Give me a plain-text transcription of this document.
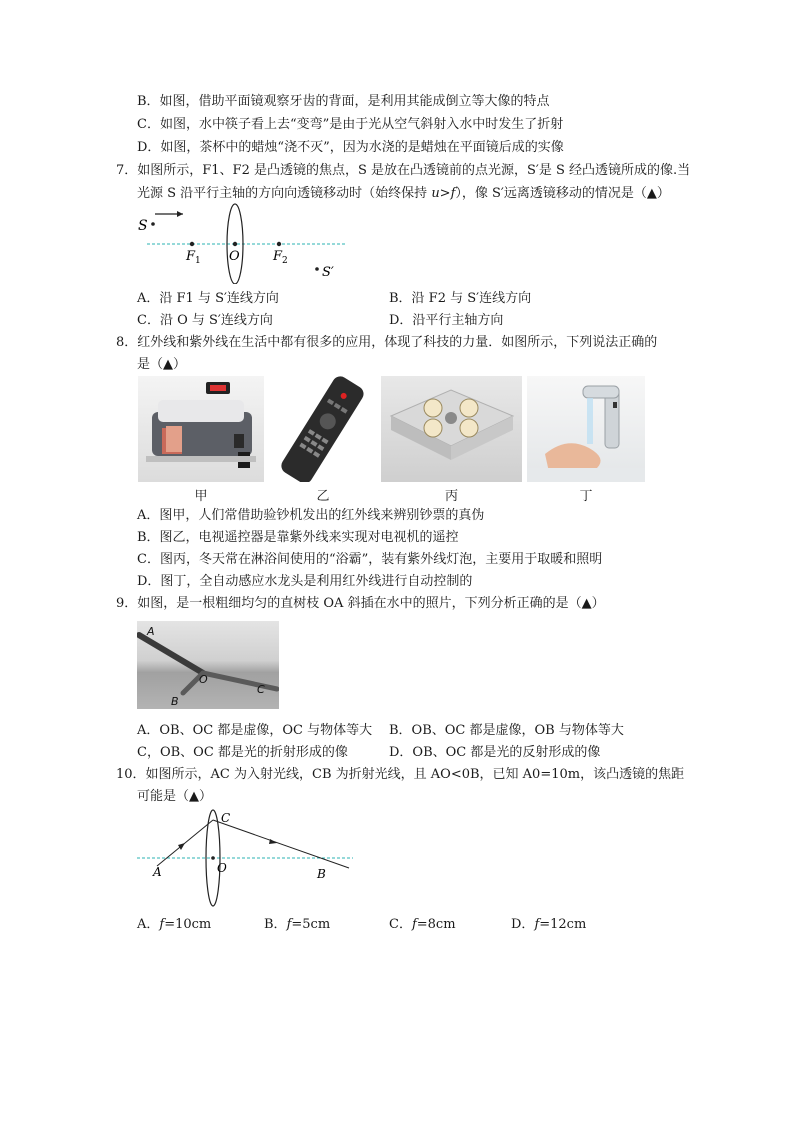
B．如图，借助平面镜观察牙齿的背面，是利用其能成倒立等大像的特点
C．如图，水中筷子看上去“变弯”是由于光从空气斜射入水中时发生了折射
D．如图，茶杯中的蜡烛“浇不灭”，因为水浇的是蜡烛在平面镜后成的实像
7．如图所示，F1、F2 是凸透镜的焦点，S 是放在凸透镜前的点光源，S′是 S 经凸透镜所成的像.当
光源 S 沿平行主轴的方向向透镜移动时（始终保持 u>f），像 S′远离透镜移动的情况是（▲）
S
$F_1$ O	$F_2$
S′
A．沿 F1 与 S′连线方向	B．沿 F2 与 S′连线方向
C．沿 O 与 S′连线方向	D．沿平行主轴方向
8．红外线和紫外线在生活中都有很多的应用，体现了科技的力量．如图所示，下列说法正确的
是（▲）
甲	乙	丙	丁
A．图甲，人们常借助验钞机发出的红外线来辨别钞票的真伪
B．图乙，电视遥控器是靠紫外线来实现对电视机的遥控
C．图丙，冬天常在淋浴间使用的“浴霸”，装有紫外线灯泡，主要用于取暖和照明
D．图丁，全自动感应水龙头是利用红外线进行自动控制的
9．如图，是一根粗细均匀的直树枝 OA 斜插在水中的照片，下列分析正确的是（▲）
A
O
B
C
A．OB、OC 都是虚像，OC 与物体等大 B．OB、OC 都是虚像，OB 与物体等大
C，OB、OC 都是光的折射形成的像	D．OB、OC 都是光的反射形成的像
10．如图所示，AC 为入射光线，CB 为折射光线，且 AO<0B，已知 A0=10m，该凸透镜的焦距
可能是（▲）
C
A	O	B
A．f=10cm	B．f=5cm	C．f=8cm	D．f=12cm
